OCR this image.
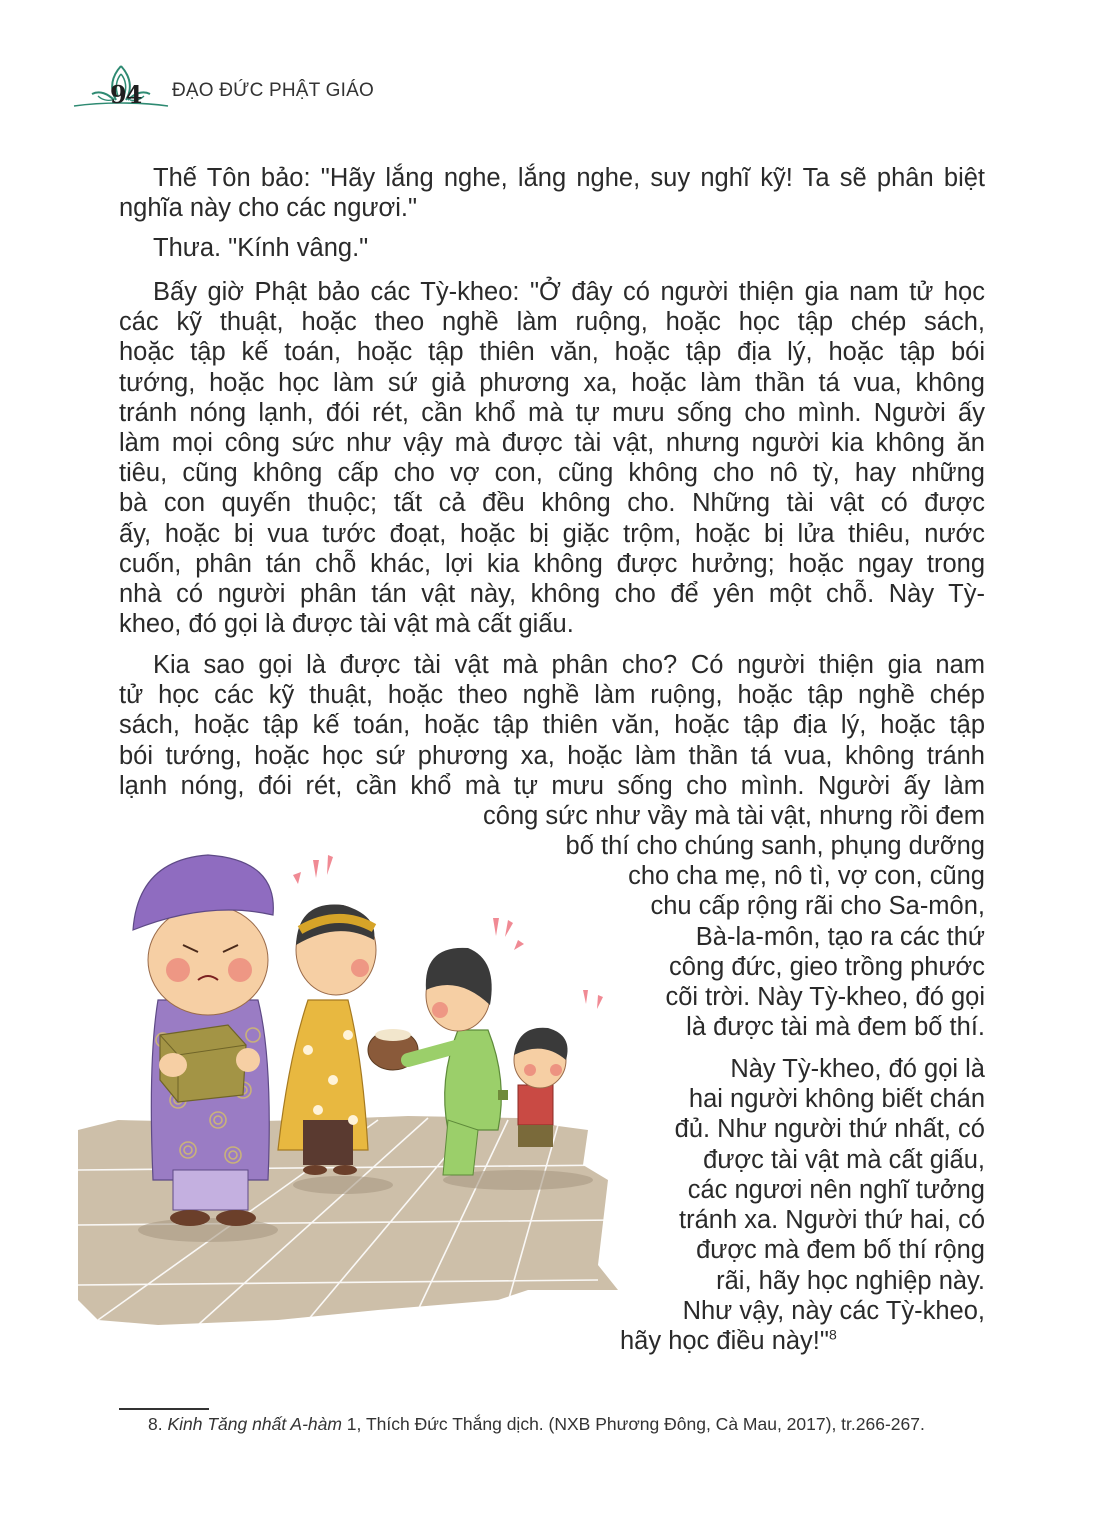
94 ĐẠO ĐỨC PHẬT GIÁO
Thế Tôn bảo: "Hãy lắng nghe, lắng nghe, suy nghĩ kỹ! Ta sẽ phân biệt
nghĩa này cho các ngươi."
Thưa. "Kính vâng."
Bấy giờ Phật bảo các Tỳ-kheo: "Ở đây có người thiện gia nam tử học
các kỹ thuật, hoặc theo nghề làm ruộng, hoặc học tập chép sách,
hoặc tập kế toán, hoặc tập thiên văn, hoặc tập địa lý, hoặc tập bói
tướng, hoặc học làm sứ giả phương xa, hoặc làm thần tá vua, không
tránh nóng lạnh, đói rét, cần khổ mà tự mưu sống cho mình. Người ấy
làm mọi công sức như vậy mà được tài vật, nhưng người kia không ăn
tiêu, cũng không cấp cho vợ con, cũng không cho nô tỳ, hay những
bà con quyến thuộc; tất cả đều không cho. Những tài vật có được
ấy, hoặc bị vua tước đoạt, hoặc bị giặc trộm, hoặc bị lửa thiêu, nước
cuốn, phân tán chỗ khác, lợi kia không được hưởng; hoặc ngay trong
nhà có người phân tán vật này, không cho để yên một chỗ. Này Tỳ-
kheo, đó gọi là được tài vật mà cất giấu.
Kia sao gọi là được tài vật mà phân cho? Có người thiện gia nam
tử học các kỹ thuật, hoặc theo nghề làm ruộng, hoặc tập nghề chép
sách, hoặc tập kế toán, hoặc tập thiên văn, hoặc tập địa lý, hoặc tập
bói tướng, hoặc học sứ phương xa, hoặc làm thần tá vua, không tránh
lạnh nóng, đói rét, cần khổ mà tự mưu sống cho mình. Người ấy làm
công sức như vầy mà tài vật, nhưng rồi đem
bố thí cho chúng sanh, phụng dưỡng
cho cha mẹ, nô tì, vợ con, cũng
chu cấp rộng rãi cho Sa-môn,
Bà-la-môn, tạo ra các thứ
công đức, gieo trồng phước
cõi trời. Này Tỳ-kheo, đó gọi
là được tài mà đem bố thí.
Này Tỳ-kheo, đó gọi là
hai người không biết chán
đủ. Như người thứ nhất, có
được tài vật mà cất giấu,
các ngươi nên nghĩ tưởng
tránh xa. Người thứ hai, có
được mà đem bố thí rộng
rãi, hãy học nghiệp này.
Như vậy, này các Tỳ-kheo,
hãy học điều này!"$^8$
8. Kinh Tăng nhất A-hàm 1, Thích Đức Thắng dịch. (NXB Phương Đông, Cà Mau, 2017), tr.266-267.
